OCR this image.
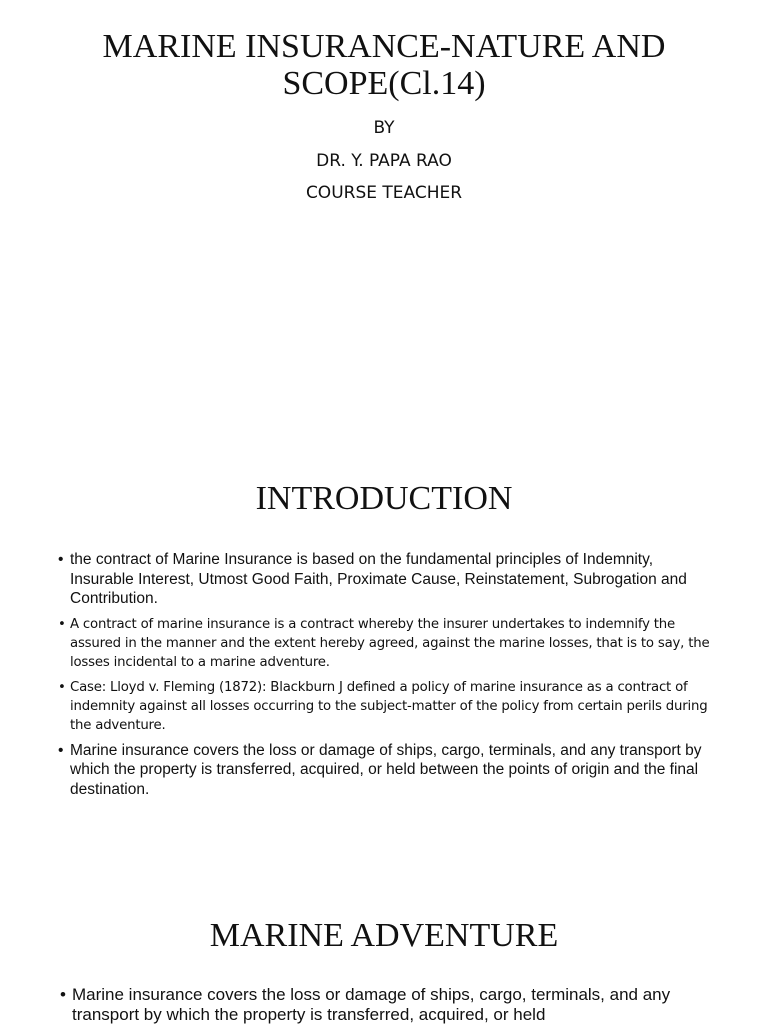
MARINE INSURANCE-NATURE AND
SCOPE(Cl.14)
BY
DR. Y. PAPA RAO
COURSE TEACHER
INTRODUCTION
• the contract of Marine Insurance is based on the fundamental principles of Indemnity, Insurable Interest, Utmost Good Faith, Proximate Cause, Reinstatement, Subrogation and Contribution.
• A contract of marine insurance is a contract whereby the insurer undertakes to indemnify the assured in the manner and the extent hereby agreed, against the marine losses, that is to say, the losses incidental to a marine adventure.
• Case: Lloyd v. Fleming (1872): Blackburn J defined a policy of marine insurance as a contract of indemnity against all losses occurring to the subject-matter of the policy from certain perils during the adventure.
• Marine insurance covers the loss or damage of ships, cargo, terminals, and any transport by which the property is transferred, acquired, or held between the points of origin and the final destination.
MARINE ADVENTURE
• Marine insurance covers the loss or damage of ships, cargo, terminals, and any transport by which the property is transferred, acquired, or held
